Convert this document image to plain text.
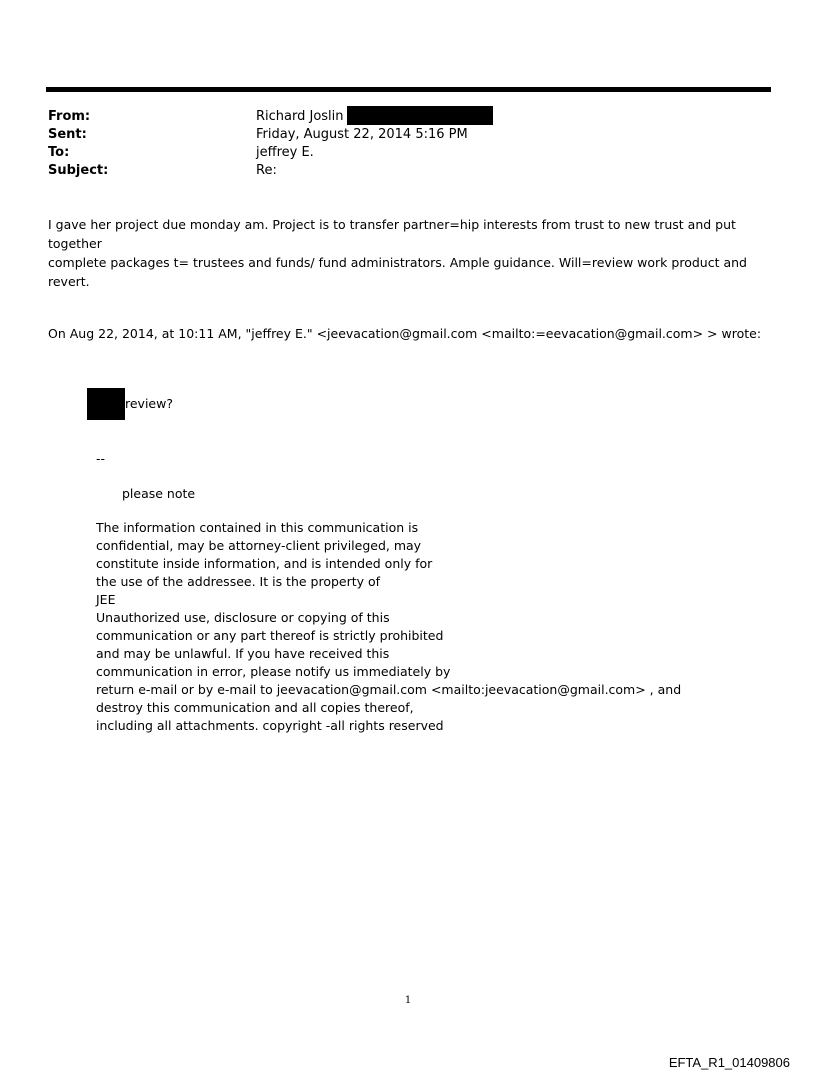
From:	Richard Joslin
Sent:	Friday, August 22, 2014 5:16 PM
To:	jeffrey E.
Subject:	Re:
I gave her project due monday am. Project is to transfer partner=hip interests from trust to new trust and put together
complete packages t= trustees and funds/ fund administrators. Ample guidance. Will=review work product and revert.
On Aug 22, 2014, at 10:11 AM, "jeffrey E." <jeevacation@gmail.com <mailto:=eevacation@gmail.com> > wrote:
review?
--
please note
The information contained in this communication is
confidential, may be attorney-client privileged, may
constitute inside information, and is intended only for
the use of the addressee. It is the property of
JEE
Unauthorized use, disclosure or copying of this
communication or any part thereof is strictly prohibited
and may be unlawful. If you have received this
communication in error, please notify us immediately by
return e-mail or by e-mail to jeevacation@gmail.com <mailto:jeevacation@gmail.com> , and
destroy this communication and all copies thereof,
including all attachments. copyright -all rights reserved
1
EFTA_R1_01409806
